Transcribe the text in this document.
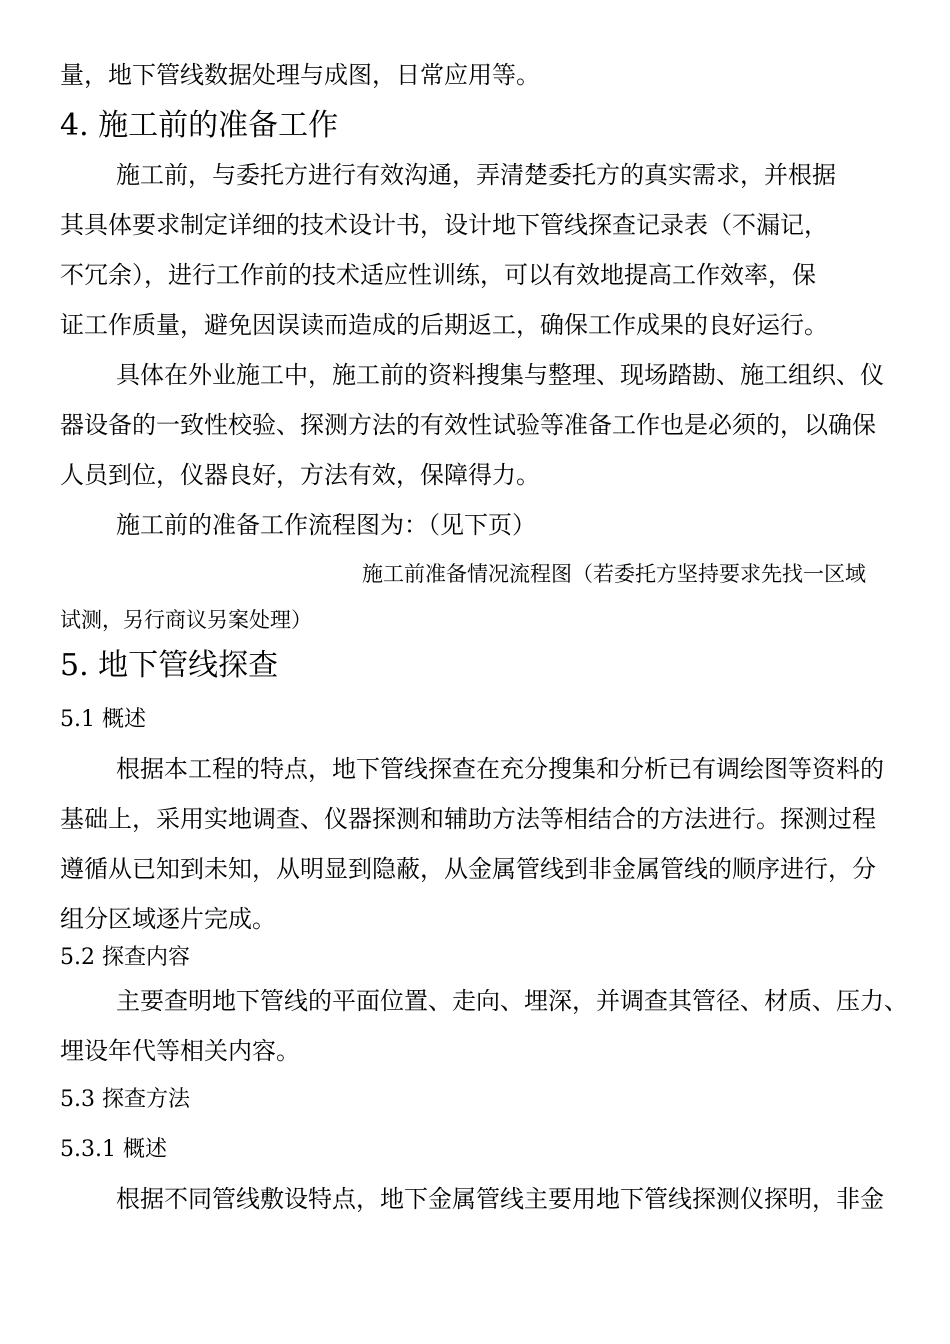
量，地下管线数据处理与成图，日常应用等。
4. 施工前的准备工作
施工前，与委托方进行有效沟通，弄清楚委托方的真实需求，并根据
其具体要求制定详细的技术设计书，设计地下管线探查记录表（不漏记，
不冗余），进行工作前的技术适应性训练，可以有效地提高工作效率，保
证工作质量，避免因误读而造成的后期返工，确保工作成果的良好运行。
具体在外业施工中，施工前的资料搜集与整理、现场踏勘、施工组织、仪
器设备的一致性校验、探测方法的有效性试验等准备工作也是必须的，以确保
人员到位，仪器良好，方法有效，保障得力。
施工前的准备工作流程图为：（见下页）
施工前准备情况流程图（若委托方坚持要求先找一区域
试测，另行商议另案处理）
5. 地下管线探查
5.1 概述
根据本工程的特点，地下管线探查在充分搜集和分析已有调绘图等资料的
基础上，采用实地调查、仪器探测和辅助方法等相结合的方法进行。探测过程
遵循从已知到未知，从明显到隐蔽，从金属管线到非金属管线的顺序进行，分
组分区域逐片完成。
5.2 探查内容
主要查明地下管线的平面位置、走向、埋深，并调查其管径、材质、压力、
埋设年代等相关内容。
5.3 探查方法
5.3.1 概述
根据不同管线敷设特点，地下金属管线主要用地下管线探测仪探明，非金
